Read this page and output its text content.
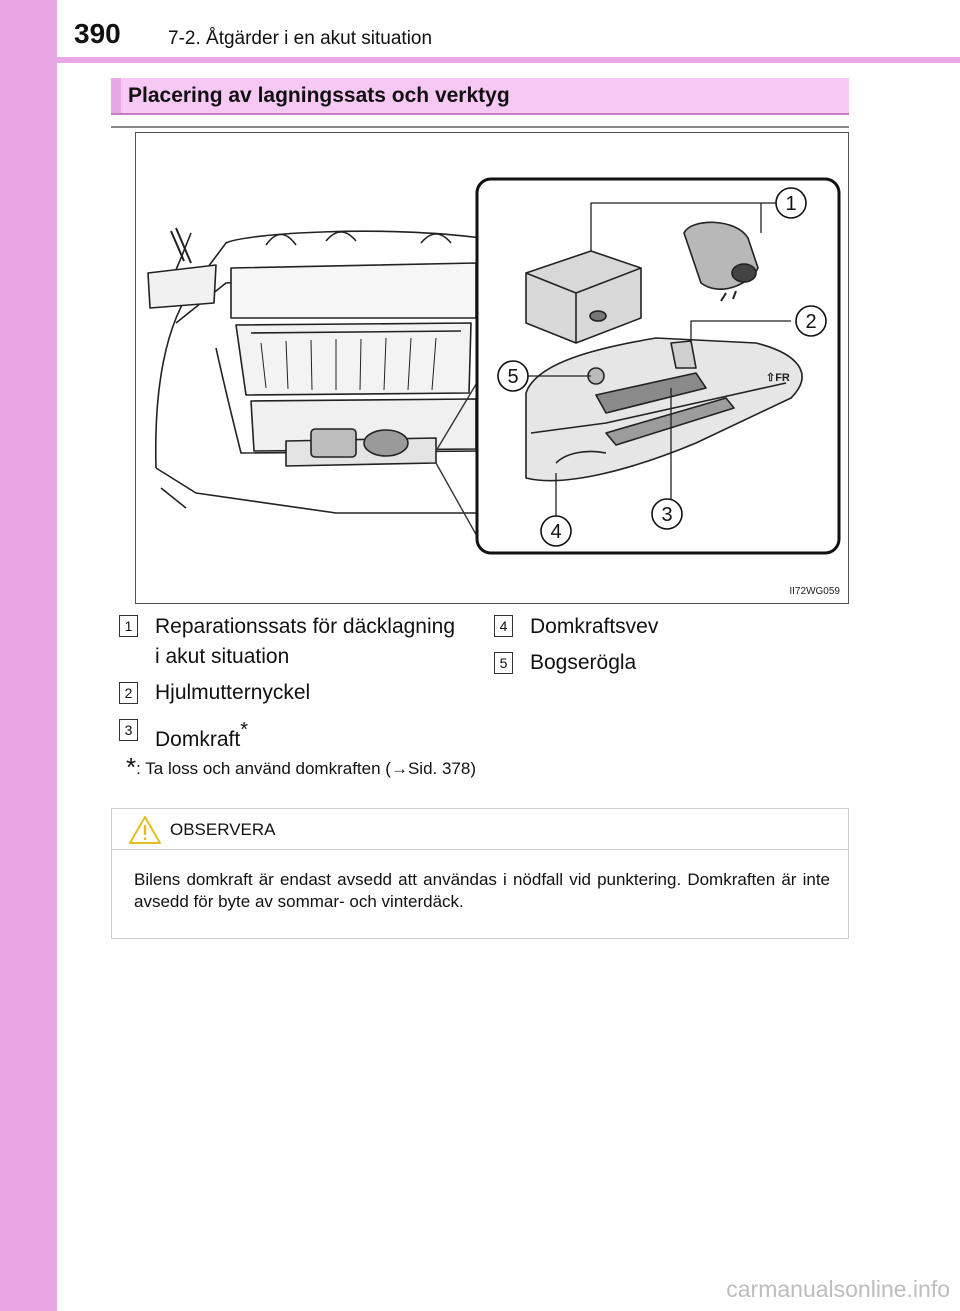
390 7-2. Åtgärder i en akut situation
Placering av lagningssats och verktyg
⇧FR
1
2
3
4
5
II72WG059
1 Reparationssats för däcklagning
i akut situation
2 Hjulmutternyckel
3 Domkraft*
4 Domkraftsvev
5 Bogserögla
*: Ta loss och använd domkraften (→Sid. 378)
OBSERVERA
Bilens domkraft är endast avsedd att användas i nödfall vid punktering. Domkraften är inte avsedd för byte av sommar- och vinterdäck.
carmanualsonline.info
